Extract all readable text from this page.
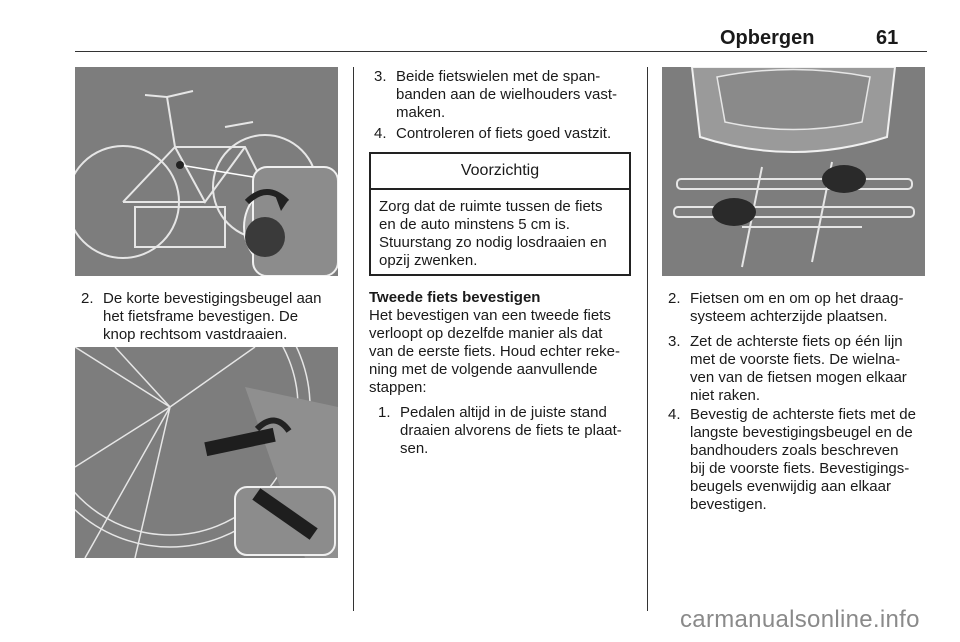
Opbergen	61
2. De korte bevestigingsbeugel aan
het fietsframe bevestigen. De
knop rechtsom vastdraaien.
3. Beide fietswielen met de span-
banden aan de wielhouders vast-
maken.
4. Controleren of fiets goed vastzit.
Voorzichtig
Zorg dat de ruimte tussen de fiets
en de auto minstens 5 cm is.
Stuurstang zo nodig losdraaien en
opzij zwenken.
Tweede fiets bevestigen
Het bevestigen van een tweede fiets
verloopt op dezelfde manier als dat
van de eerste fiets. Houd echter reke-
ning met de volgende aanvullende
stappen:
1. Pedalen altijd in de juiste stand
draaien alvorens de fiets te plaat-
sen.
2. Fietsen om en om op het draag-
systeem achterzijde plaatsen.
3. Zet de achterste fiets op één lijn
met de voorste fiets. De wielna-
ven van de fietsen mogen elkaar
niet raken.
4. Bevestig de achterste fiets met de
langste bevestigingsbeugel en de
bandhouders zoals beschreven
bij de voorste fiets. Bevestigings-
beugels evenwijdig aan elkaar
bevestigen.
carmanualsonline.info
